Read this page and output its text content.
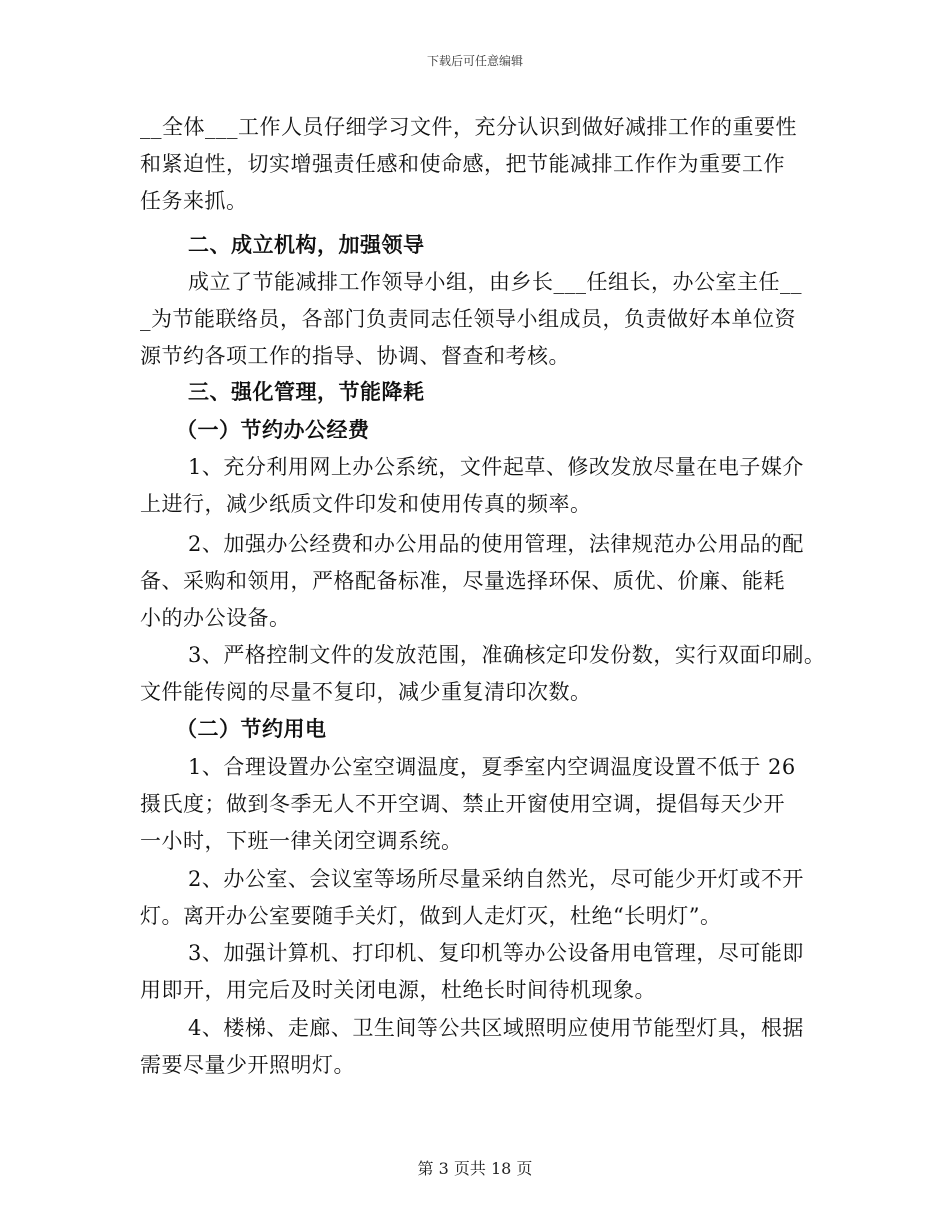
下载后可任意编辑
__全体___工作人员仔细学习文件，充分认识到做好减排工作的重要性
和紧迫性，切实增强责任感和使命感，把节能减排工作作为重要工作
任务来抓。
二、成立机构，加强领导
成立了节能减排工作领导小组，由乡长___任组长，办公室主任__
_为节能联络员，各部门负责同志任领导小组成员，负责做好本单位资
源节约各项工作的指导、协调、督查和考核。
三、强化管理，节能降耗
（一）节约办公经费
1、充分利用网上办公系统，文件起草、修改发放尽量在电子媒介
上进行，减少纸质文件印发和使用传真的频率。
2、加强办公经费和办公用品的使用管理，法律规范办公用品的配
备、采购和领用，严格配备标准，尽量选择环保、质优、价廉、能耗
小的办公设备。
3、严格控制文件的发放范围，准确核定印发份数，实行双面印刷。
文件能传阅的尽量不复印，减少重复清印次数。
（二）节约用电
1、合理设置办公室空调温度，夏季室内空调温度设置不低于 26
摄氏度；做到冬季无人不开空调、禁止开窗使用空调，提倡每天少开
一小时，下班一律关闭空调系统。
2、办公室、会议室等场所尽量采纳自然光，尽可能少开灯或不开
灯。离开办公室要随手关灯，做到人走灯灭，杜绝“长明灯”。
3、加强计算机、打印机、复印机等办公设备用电管理，尽可能即
用即开，用完后及时关闭电源，杜绝长时间待机现象。
4、楼梯、走廊、卫生间等公共区域照明应使用节能型灯具，根据
需要尽量少开照明灯。
第 3 页共 18 页
